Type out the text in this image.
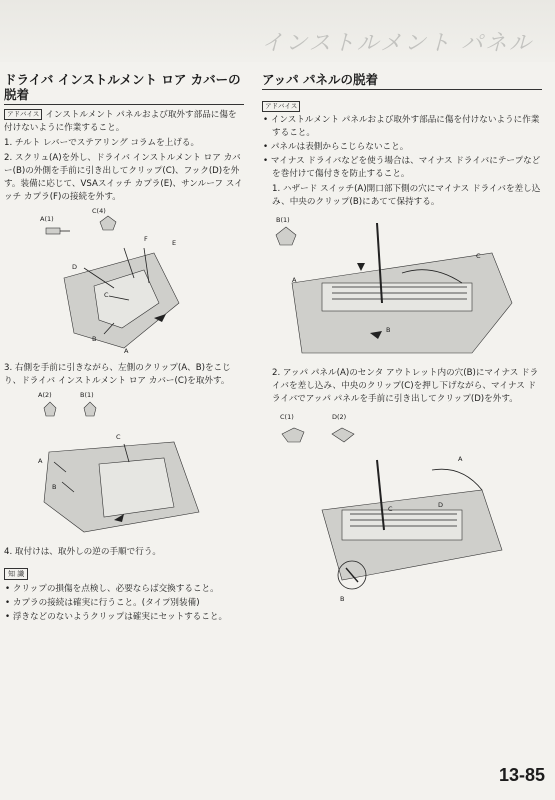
インストルメント パネル
ドライバ インストルメント ロア カバーの脱着

アドバイス インストルメント パネルおよび取外す部品に傷を付けないように作業すること。

1. チルト レバーでステアリング コラムを上げる。

2. スクリュ(A)を外し、ドライバ インストルメント ロア カバー(B)の外側を手前に引き出してクリップ(C)、フック(D)を外す。装備に応じて、VSAスイッチ カプラ(E)、サンルーフ スイッチ カプラ(F)の接続を外す。

A(1)
C(4)
F	E
D
C
B
A

3. 右側を手前に引きながら、左側のクリップ(A、B)をこじり、ドライバ インストルメント ロア カバー(C)を取外す。

A(2)	B(1)
A
B
C

4. 取付けは、取外しの逆の手順で行う。

知 識

• クリップの損傷を点検し、必要ならば交換すること。

• カプラの接続は確実に行うこと。(タイプ別装備)

• 浮きなどのないようクリップは確実にセットすること。

アッパ パネルの脱着
アドバイス

• インストルメント パネルおよび取外す部品に傷を付けないように作業すること。

• パネルは表側からこじらないこと。

• マイナス ドライバなどを使う場合は、マイナス ドライバにテープなどを巻付けて傷付きを防止すること。

1. ハザード スイッチ(A)開口部下側の穴にマイナス ドライバを差し込み、中央のクリップ(B)にあてて保持する。

B(1)
C
A
B

2. アッパ パネル(A)のセンタ アウトレット内の穴(B)にマイナス ドライバを差し込み、中央のクリップ(C)を押し下げながら、マイナス ドライバでアッパ パネルを手前に引き出してクリップ(D)を外す。

C(1)	D(2)
A
D
C
B
13-85
